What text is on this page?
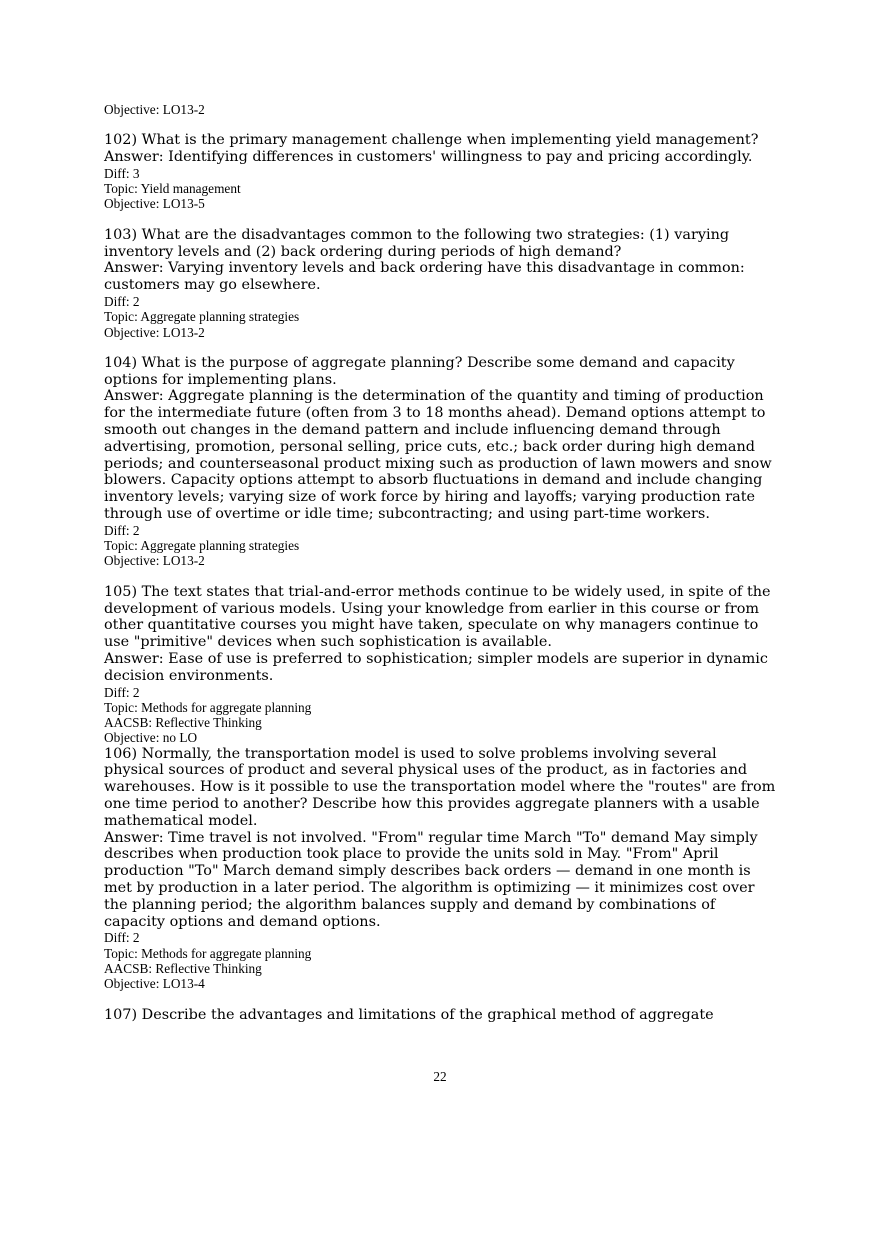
Objective: LO13-2
102) What is the primary management challenge when implementing yield management?
Answer: Identifying differences in customers' willingness to pay and pricing accordingly.
Diff: 3
Topic: Yield management
Objective: LO13-5
103) What are the disadvantages common to the following two strategies: (1) varying
inventory levels and (2) back ordering during periods of high demand?
Answer: Varying inventory levels and back ordering have this disadvantage in common:
customers may go elsewhere.
Diff: 2
Topic: Aggregate planning strategies
Objective: LO13-2
104) What is the purpose of aggregate planning? Describe some demand and capacity
options for implementing plans.
Answer: Aggregate planning is the determination of the quantity and timing of production
for the intermediate future (often from 3 to 18 months ahead). Demand options attempt to
smooth out changes in the demand pattern and include influencing demand through
advertising, promotion, personal selling, price cuts, etc.; back order during high demand
periods; and counterseasonal product mixing such as production of lawn mowers and snow
blowers. Capacity options attempt to absorb fluctuations in demand and include changing
inventory levels; varying size of work force by hiring and layoffs; varying production rate
through use of overtime or idle time; subcontracting; and using part-time workers.
Diff: 2
Topic: Aggregate planning strategies
Objective: LO13-2
105) The text states that trial-and-error methods continue to be widely used, in spite of the
development of various models. Using your knowledge from earlier in this course or from
other quantitative courses you might have taken, speculate on why managers continue to
use "primitive" devices when such sophistication is available.
Answer: Ease of use is preferred to sophistication; simpler models are superior in dynamic
decision environments.
Diff: 2
Topic: Methods for aggregate planning
AACSB: Reflective Thinking
Objective: no LO
106) Normally, the transportation model is used to solve problems involving several
physical sources of product and several physical uses of the product, as in factories and
warehouses. How is it possible to use the transportation model where the "routes" are from
one time period to another? Describe how this provides aggregate planners with a usable
mathematical model.
Answer: Time travel is not involved. "From" regular time March "To" demand May simply
describes when production took place to provide the units sold in May. "From" April
production "To" March demand simply describes back orders — demand in one month is
met by production in a later period. The algorithm is optimizing — it minimizes cost over
the planning period; the algorithm balances supply and demand by combinations of
capacity options and demand options.
Diff: 2
Topic: Methods for aggregate planning
AACSB: Reflective Thinking
Objective: LO13-4
107) Describe the advantages and limitations of the graphical method of aggregate
22
